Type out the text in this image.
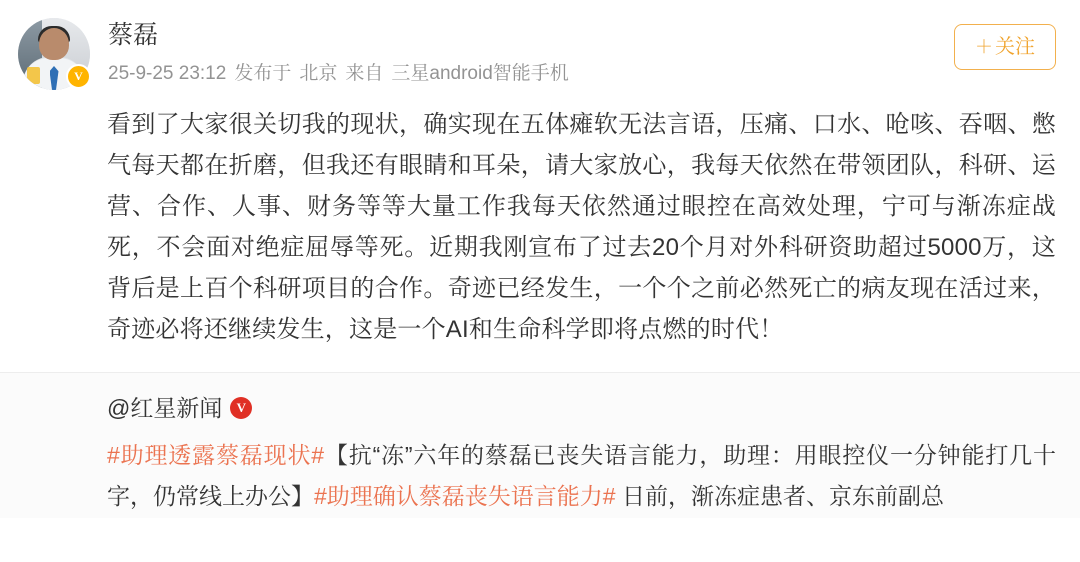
V
蔡磊
25-9-25 23:12 发布于 北京 来自 三星android智能手机
＋ 关注
看到了大家很关切我的现状，确实现在五体瘫软无法言语，压痛、口水、呛咳、吞咽、憋气每天都在折磨，但我还有眼睛和耳朵，请大家放心，我每天依然在带领团队，科研、运营、合作、人事、财务等等大量工作我每天依然通过眼控在高效处理，宁可与渐冻症战死，不会面对绝症屈辱等死。近期我刚宣布了过去20个月对外科研资助超过5000万，这背后是上百个科研项目的合作。奇迹已经发生，一个个之前必然死亡的病友现在活过来，奇迹必将还继续发生，这是一个AI和生命科学即将点燃的时代！
@红星新闻	V
#助理透露蔡磊现状#【抗“冻”六年的蔡磊已丧失语言能力，助理：用眼控仪一分钟能打几十字，仍常线上办公】#助理确认蔡磊丧失语言能力# 日前，渐冻症患者、京东前副总
